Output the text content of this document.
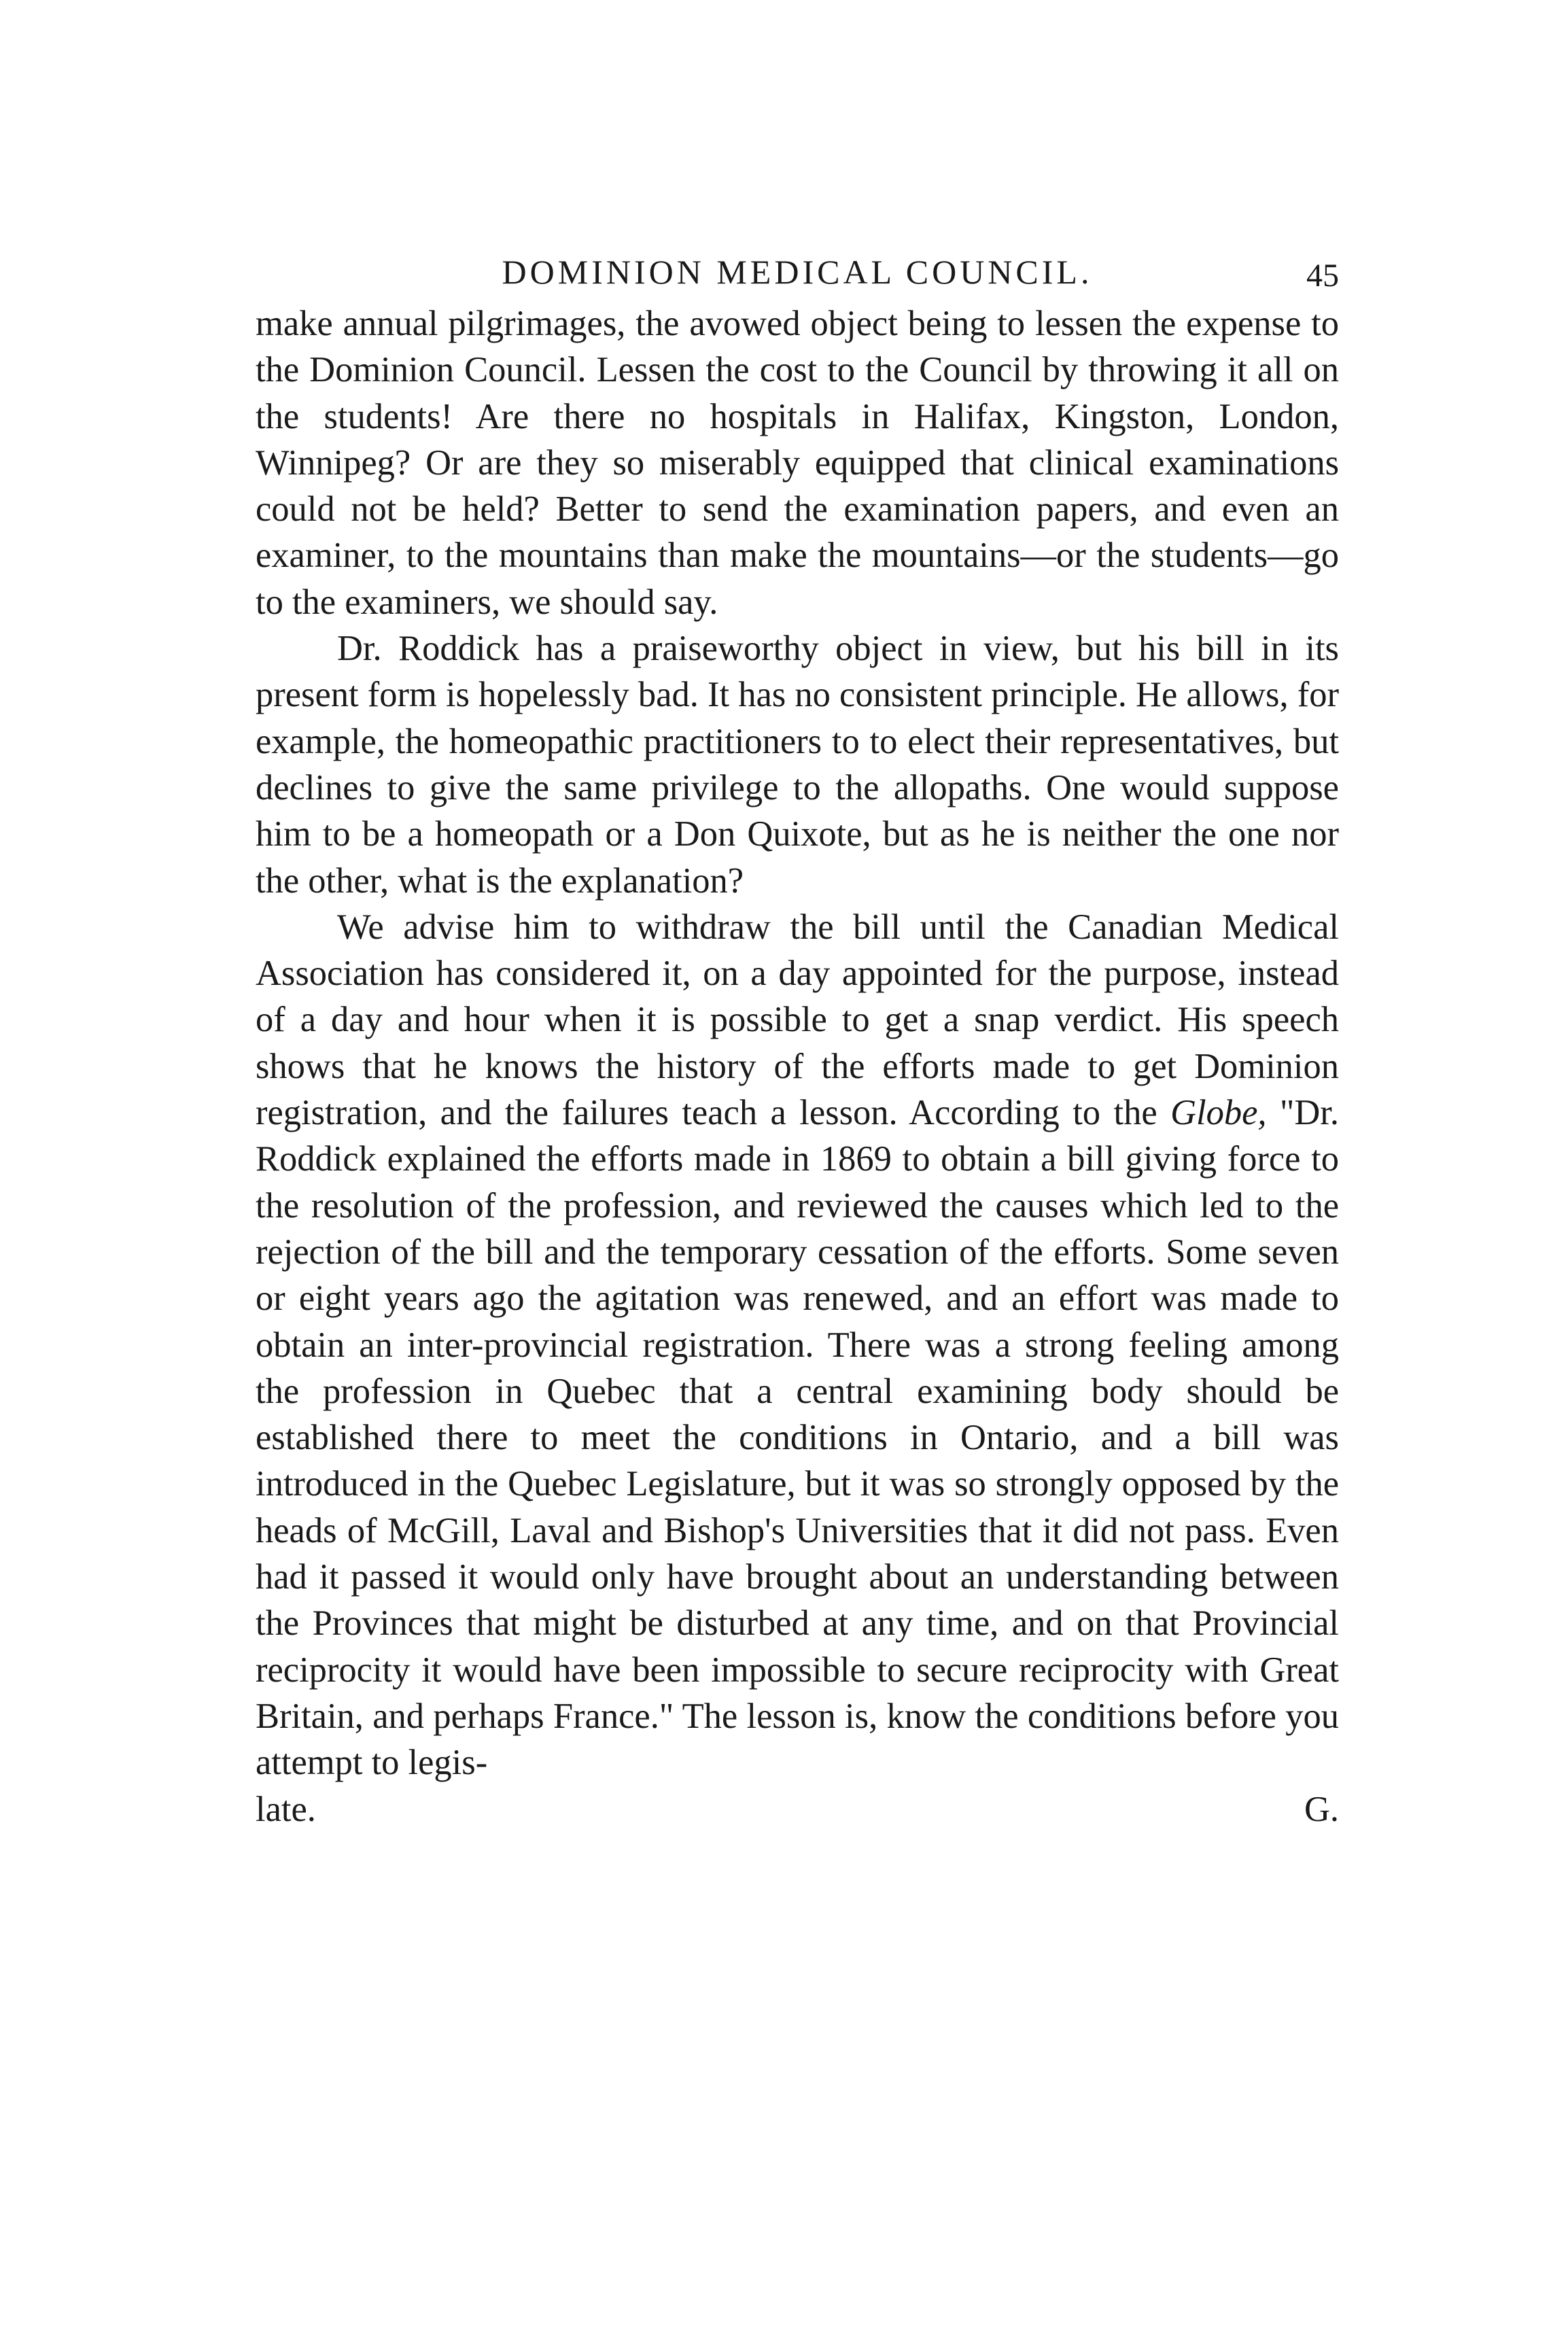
DOMINION MEDICAL COUNCIL.	45

make annual pilgrimages, the avowed object being to lessen the expense to the Dominion Council. Lessen the cost to the Council by throwing it all on the students! Are there no hospitals in Halifax, Kingston, London, Winnipeg? Or are they so miserably equipped that clinical examinations could not be held? Better to send the examination papers, and even an examiner, to the mountains than make the mountains—or the students—go to the examiners, we should say.

Dr. Roddick has a praiseworthy object in view, but his bill in its present form is hopelessly bad. It has no consistent principle. He allows, for example, the homeopathic practitioners to to elect their representatives, but declines to give the same privilege to the allopaths. One would suppose him to be a homeopath or a Don Quixote, but as he is neither the one nor the other, what is the explanation?

We advise him to withdraw the bill until the Canadian Medical Association has considered it, on a day appointed for the purpose, instead of a day and hour when it is possible to get a snap verdict. His speech shows that he knows the history of the efforts made to get Dominion registration, and the failures teach a lesson. According to the Globe, "Dr. Roddick explained the efforts made in 1869 to obtain a bill giving force to the resolution of the profession, and reviewed the causes which led to the rejection of the bill and the temporary cessation of the efforts. Some seven or eight years ago the agitation was renewed, and an effort was made to obtain an inter-provincial registration. There was a strong feeling among the profession in Quebec that a central examining body should be established there to meet the conditions in Ontario, and a bill was introduced in the Quebec Legislature, but it was so strongly opposed by the heads of McGill, Laval and Bishop's Universities that it did not pass. Even had it passed it would only have brought about an understanding between the Provinces that might be disturbed at any time, and on that Provincial reciprocity it would have been impossible to secure reciprocity with Great Britain, and perhaps France." The lesson is, know the conditions before you attempt to legis-

late.	G.
